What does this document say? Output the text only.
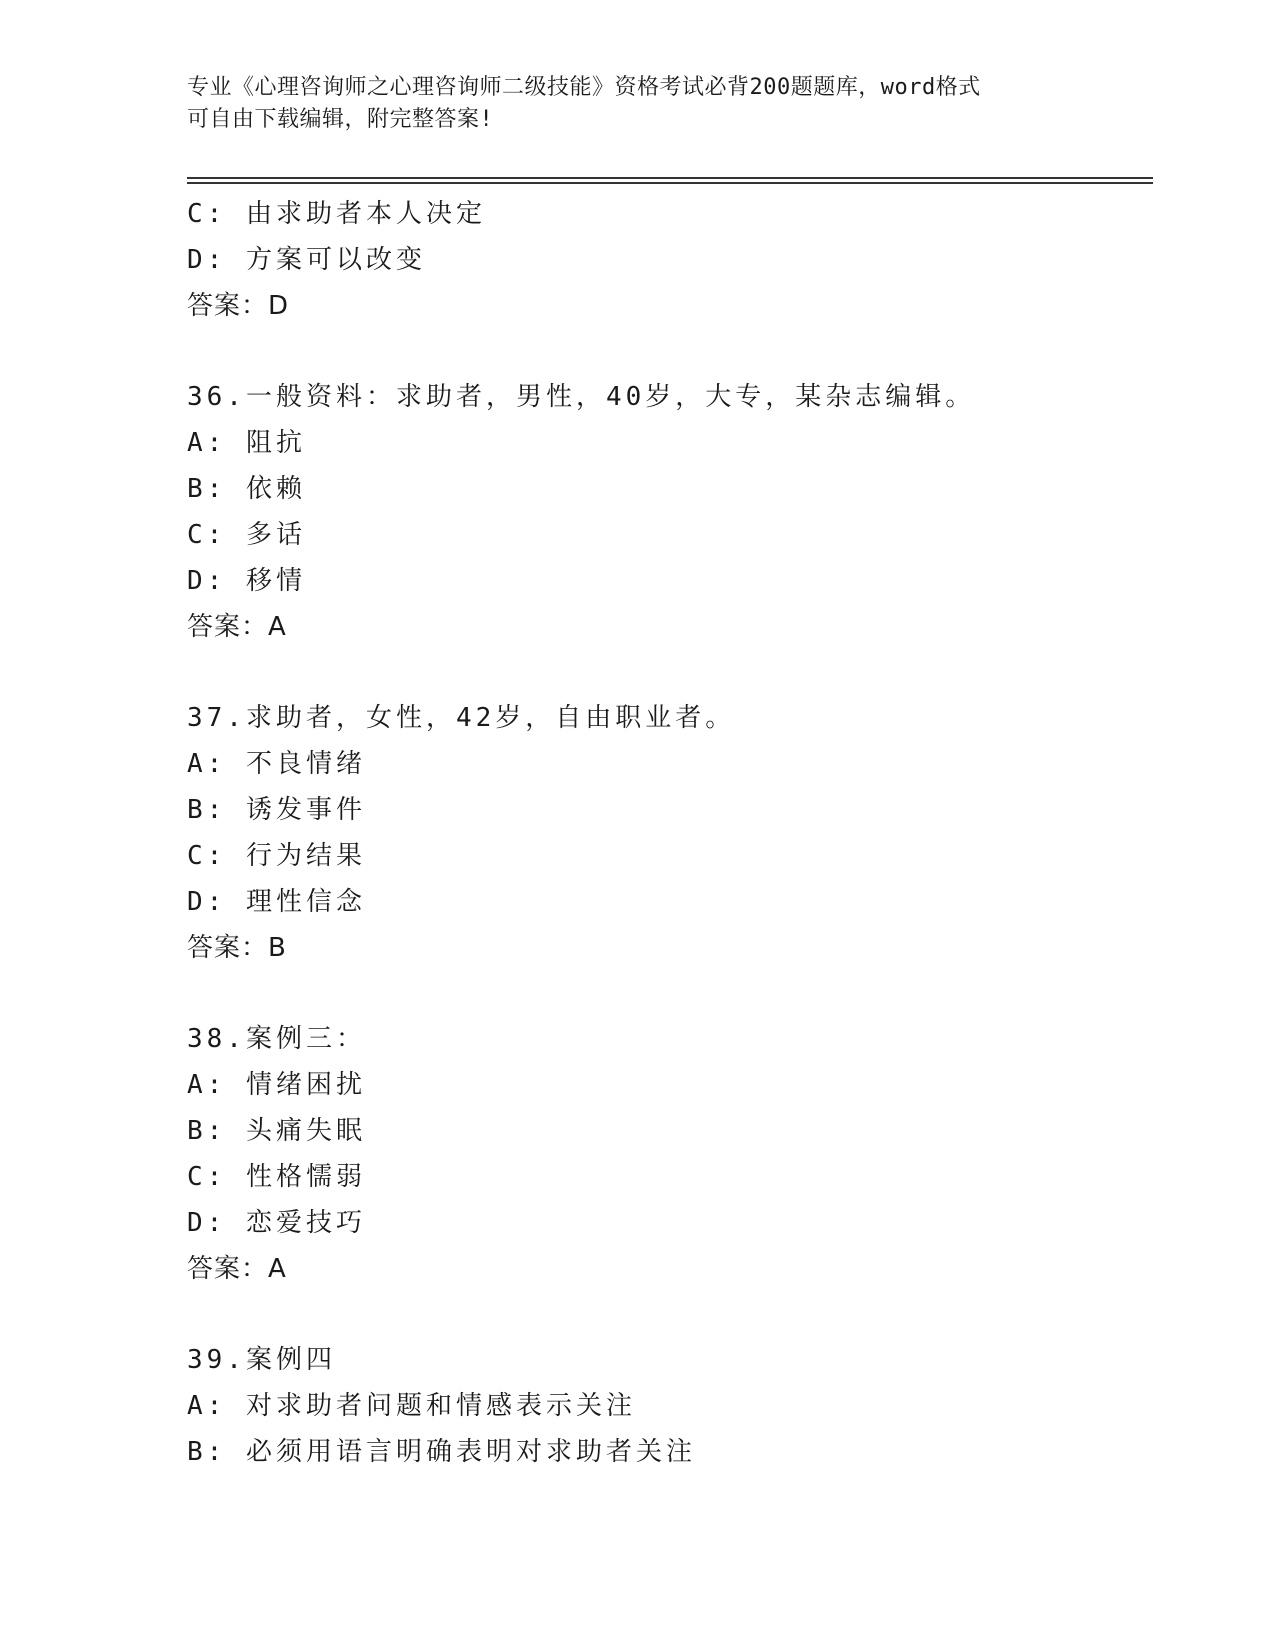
专业《心理咨询师之心理咨询师二级技能》资格考试必背200题题库，word格式
可自由下载编辑，附完整答案!
C: 由求助者本人决定
D: 方案可以改变
答案：D
36.一般资料：求助者，男性，40岁，大专，某杂志编辑。
A: 阻抗
B: 依赖
C: 多话
D: 移情
答案：A
37.求助者，女性，42岁，自由职业者。
A: 不良情绪
B: 诱发事件
C: 行为结果
D: 理性信念
答案：B
38.案例三：
A: 情绪困扰
B: 头痛失眠
C: 性格懦弱
D: 恋爱技巧
答案：A
39.案例四
A: 对求助者问题和情感表示关注
B: 必须用语言明确表明对求助者关注
